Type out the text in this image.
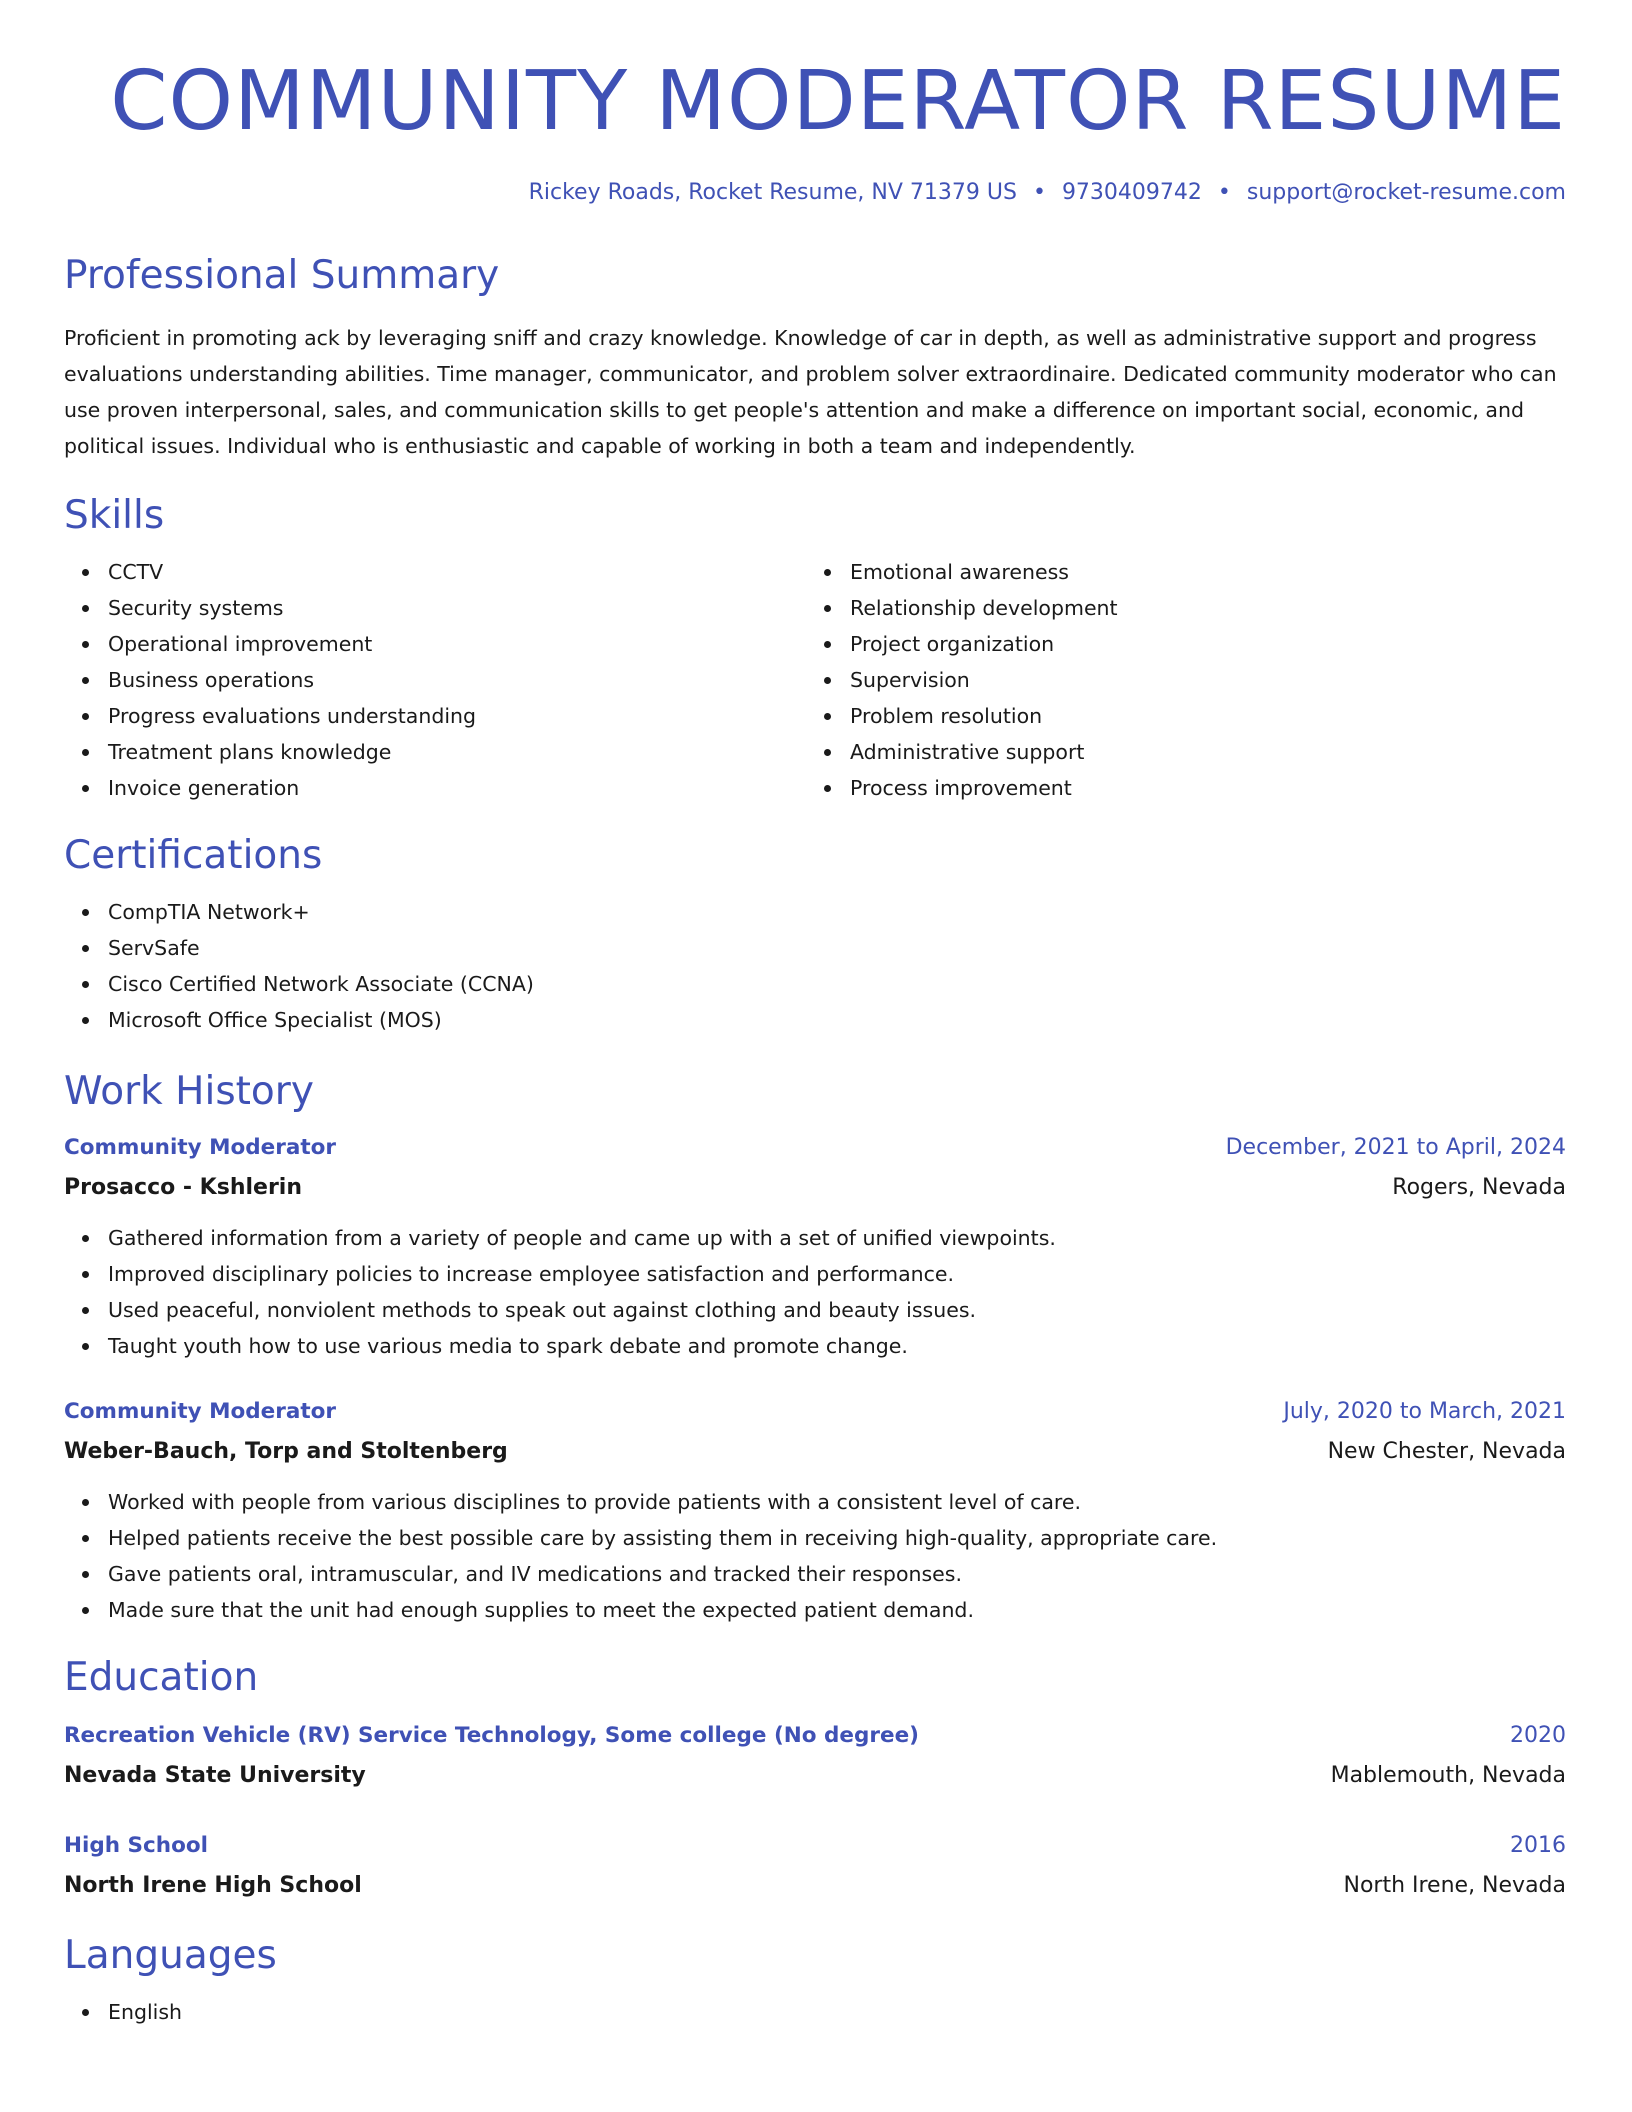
COMMUNITY MODERATOR RESUME
Rickey Roads, Rocket Resume, NV 71379 US • 9730409742 • support@rocket-resume.com
Professional Summary

Proficient in promoting ack by leveraging sniff and crazy knowledge. Knowledge of car in depth, as well as administrative support and progress evaluations understanding abilities. Time manager, communicator, and problem solver extraordinaire. Dedicated community moderator who can use proven interpersonal, sales, and communication skills to get people's attention and make a difference on important social, economic, and political issues. Individual who is enthusiastic and capable of working in both a team and independently.

Skills
CCTV
Security systems
Operational improvement
Business operations
Progress evaluations understanding
Treatment plans knowledge
Invoice generation
Emotional awareness
Relationship development
Project organization
Supervision
Problem resolution
Administrative support
Process improvement
Certifications
CompTIA Network+
ServSafe
Cisco Certified Network Associate (CCNA)
Microsoft Office Specialist (MOS)
Work History
Community Moderator	December, 2021 to April, 2024
Prosacco - Kshlerin	Rogers, Nevada
Gathered information from a variety of people and came up with a set of unified viewpoints.
Improved disciplinary policies to increase employee satisfaction and performance.
Used peaceful, nonviolent methods to speak out against clothing and beauty issues.
Taught youth how to use various media to spark debate and promote change.
Community Moderator	July, 2020 to March, 2021
Weber-Bauch, Torp and Stoltenberg	New Chester, Nevada
Worked with people from various disciplines to provide patients with a consistent level of care.
Helped patients receive the best possible care by assisting them in receiving high-quality, appropriate care.
Gave patients oral, intramuscular, and IV medications and tracked their responses.
Made sure that the unit had enough supplies to meet the expected patient demand.
Education
Recreation Vehicle (RV) Service Technology, Some college (No degree)	2020
Nevada State University	Mablemouth, Nevada
High School	2016
North Irene High School	North Irene, Nevada
Languages
English
